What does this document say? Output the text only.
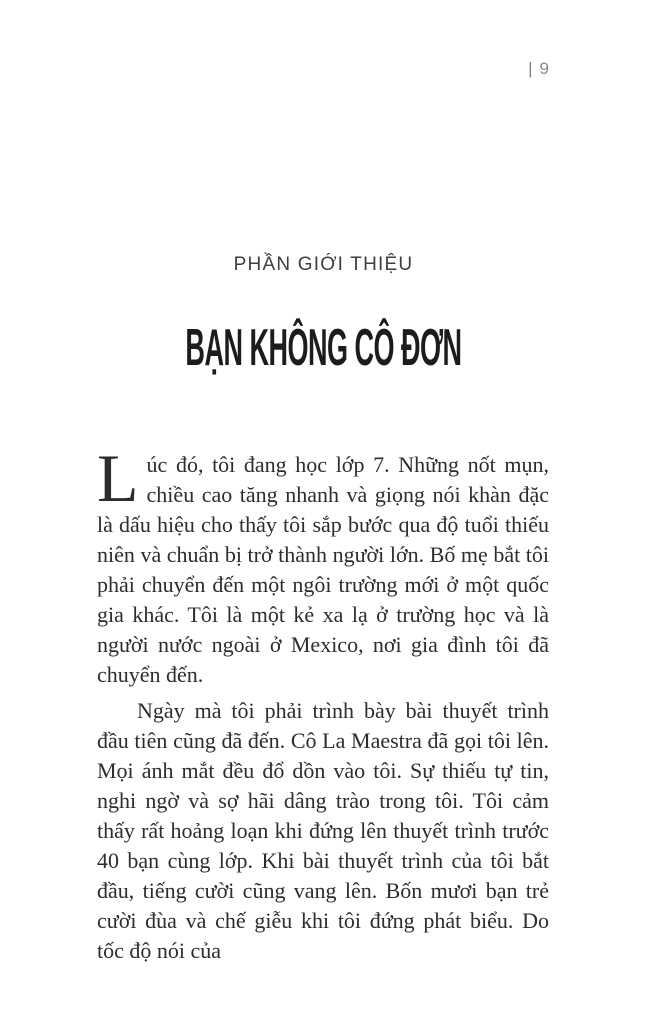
| 9
PHẦN GIỚI THIỆU
BẠN KHÔNG CÔ ĐƠN

Lúc đó, tôi đang học lớp 7. Những nốt mụn, chiều cao tăng nhanh và giọng nói khàn đặc là dấu hiệu cho thấy tôi sắp bước qua độ tuổi thiếu niên và chuẩn bị trở thành người lớn. Bố mẹ bắt tôi phải chuyển đến một ngôi trường mới ở một quốc gia khác. Tôi là một kẻ xa lạ ở trường học và là người nước ngoài ở Mexico, nơi gia đình tôi đã chuyển đến.

Ngày mà tôi phải trình bày bài thuyết trình đầu tiên cũng đã đến. Cô La Maestra đã gọi tôi lên. Mọi ánh mắt đều đổ dồn vào tôi. Sự thiếu tự tin, nghi ngờ và sợ hãi dâng trào trong tôi. Tôi cảm thấy rất hoảng loạn khi đứng lên thuyết trình trước 40 bạn cùng lớp. Khi bài thuyết trình của tôi bắt đầu, tiếng cười cũng vang lên. Bốn mươi bạn trẻ cười đùa và chế giễu khi tôi đứng phát biểu. Do tốc độ nói của
